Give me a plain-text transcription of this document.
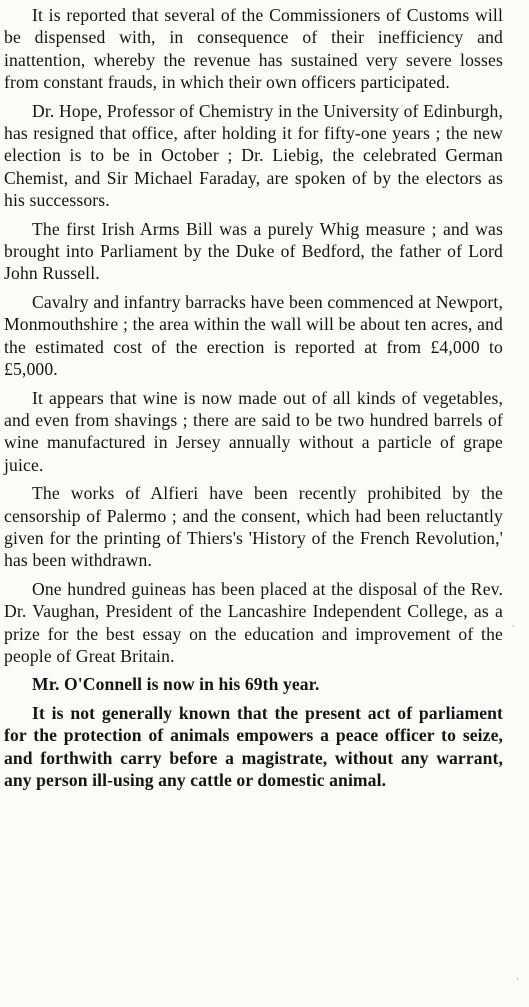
It is reported that several of the Commissioners of Customs will be dispensed with, in consequence of their inefficiency and inattention, whereby the revenue has sustained very severe losses from constant frauds, in which their own officers participated.

Dr. Hope, Professor of Chemistry in the University of Edinburgh, has resigned that office, after holding it for fifty-one years ; the new election is to be in October ; Dr. Liebig, the celebrated German Chemist, and Sir Michael Faraday, are spoken of by the electors as his successors.

The first Irish Arms Bill was a purely Whig measure ; and was brought into Parliament by the Duke of Bedford, the father of Lord John Russell.

Cavalry and infantry barracks have been commenced at Newport, Monmouthshire ; the area within the wall will be about ten acres, and the estimated cost of the erection is reported at from £4,000 to £5,000.

It appears that wine is now made out of all kinds of vegetables, and even from shavings ; there are said to be two hundred barrels of wine manufactured in Jersey annually without a particle of grape juice.

The works of Alfieri have been recently prohibited by the censorship of Palermo ; and the consent, which had been reluctantly given for the printing of Thiers's 'History of the French Revolution,' has been withdrawn.

One hundred guineas has been placed at the disposal of the Rev. Dr. Vaughan, President of the Lancashire Independent College, as a prize for the best essay on the education and improvement of the people of Great Britain.

Mr. O'Connell is now in his 69th year.

It is not generally known that the present act of parliament for the protection of animals empowers a peace officer to seize, and forthwith carry before a magistrate, without any warrant, any person ill-using any cattle or domestic animal.

·
·
